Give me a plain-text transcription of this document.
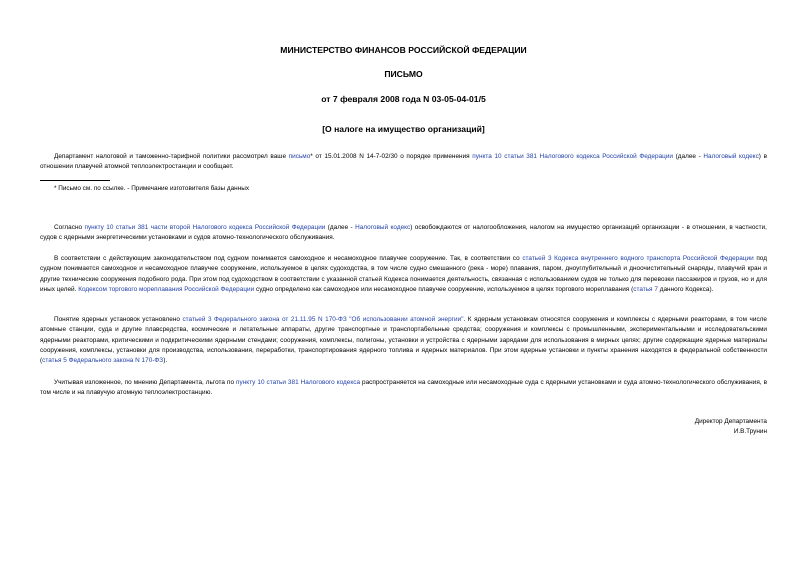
МИНИСТЕРСТВО ФИНАНСОВ РОССИЙСКОЙ ФЕДЕРАЦИИ
ПИСЬМО
от 7 февраля 2008 года N 03-05-04-01/5
[О налоге на имущество организаций]

Департамент налоговой и таможенно-тарифной политики рассмотрел ваше письмо* от 15.01.2008 N 14-7-02/30 о порядке применения пункта 10 статьи 381 Налогового кодекса Российской Федерации (далее - Налоговый кодекс) в отношении плавучей атомной теплоэлектростанции и сообщает.

* Письмо см. по ссылке. - Примечание изготовителя базы данных

Согласно пункту 10 статьи 381 части второй Налогового кодекса Российской Федерации (далее - Налоговый кодекс) освобождаются от налогообложения, налогом на имущество организаций организации - в отношении, в частности, судов с ядерными энергетическими установками и судов атомно-технологического обслуживания.

В соответствии с действующим законодательством под судном понимается самоходное и несамоходное плавучее сооружение. Так, в соответствии со статьей 3 Кодекса внутреннего водного транспорта Российской Федерации под судном понимается самоходное и несамоходное плавучее сооружение, используемое в целях судоходства, в том числе судно смешанного (река - море) плавания, паром, дноуглубительный и дноочистительный снаряды, плавучий кран и другие технические сооружения подобного рода. При этом под судоходством в соответствии с указанной статьей Кодекса понимается деятельность, связанная с использованием судов не только для перевозки пассажиров и грузов, но и для иных целей. Кодексом торгового мореплавания Российской Федерации судно определено как самоходное или несамоходное плавучее сооружение, используемое в целях торгового мореплавания (статья 7 данного Кодекса).

Понятие ядерных установок установлено статьей 3 Федерального закона от 21.11.95 N 170-ФЗ "Об использовании атомной энергии". К ядерным установкам относятся сооружения и комплексы с ядерными реакторами, в том числе атомные станции, суда и другие плавсредства, космические и летательные аппараты, другие транспортные и транспортабельные средства; сооружения и комплексы с промышленными, экспериментальными и исследовательскими ядерными реакторами, критическими и подкритическими ядерными стендами; сооружения, комплексы, полигоны, установки и устройства с ядерными зарядами для использования в мирных целях; другие содержащие ядерные материалы сооружения, комплексы, установки для производства, использования, переработки, транспортирования ядерного топлива и ядерных материалов. При этом ядерные установки и пункты хранения находятся в федеральной собственности (статья 5 Федерального закона N 170-ФЗ).

Учитывая изложенное, по мнению Департамента, льгота по пункту 10 статьи 381 Налогового кодекса распространяется на самоходные или несамоходные суда с ядерными установками и суда атомно-технологического обслуживания, в том числе и на плавучую атомную теплоэлектростанцию.

Директор Департамента
И.В.Трунин
